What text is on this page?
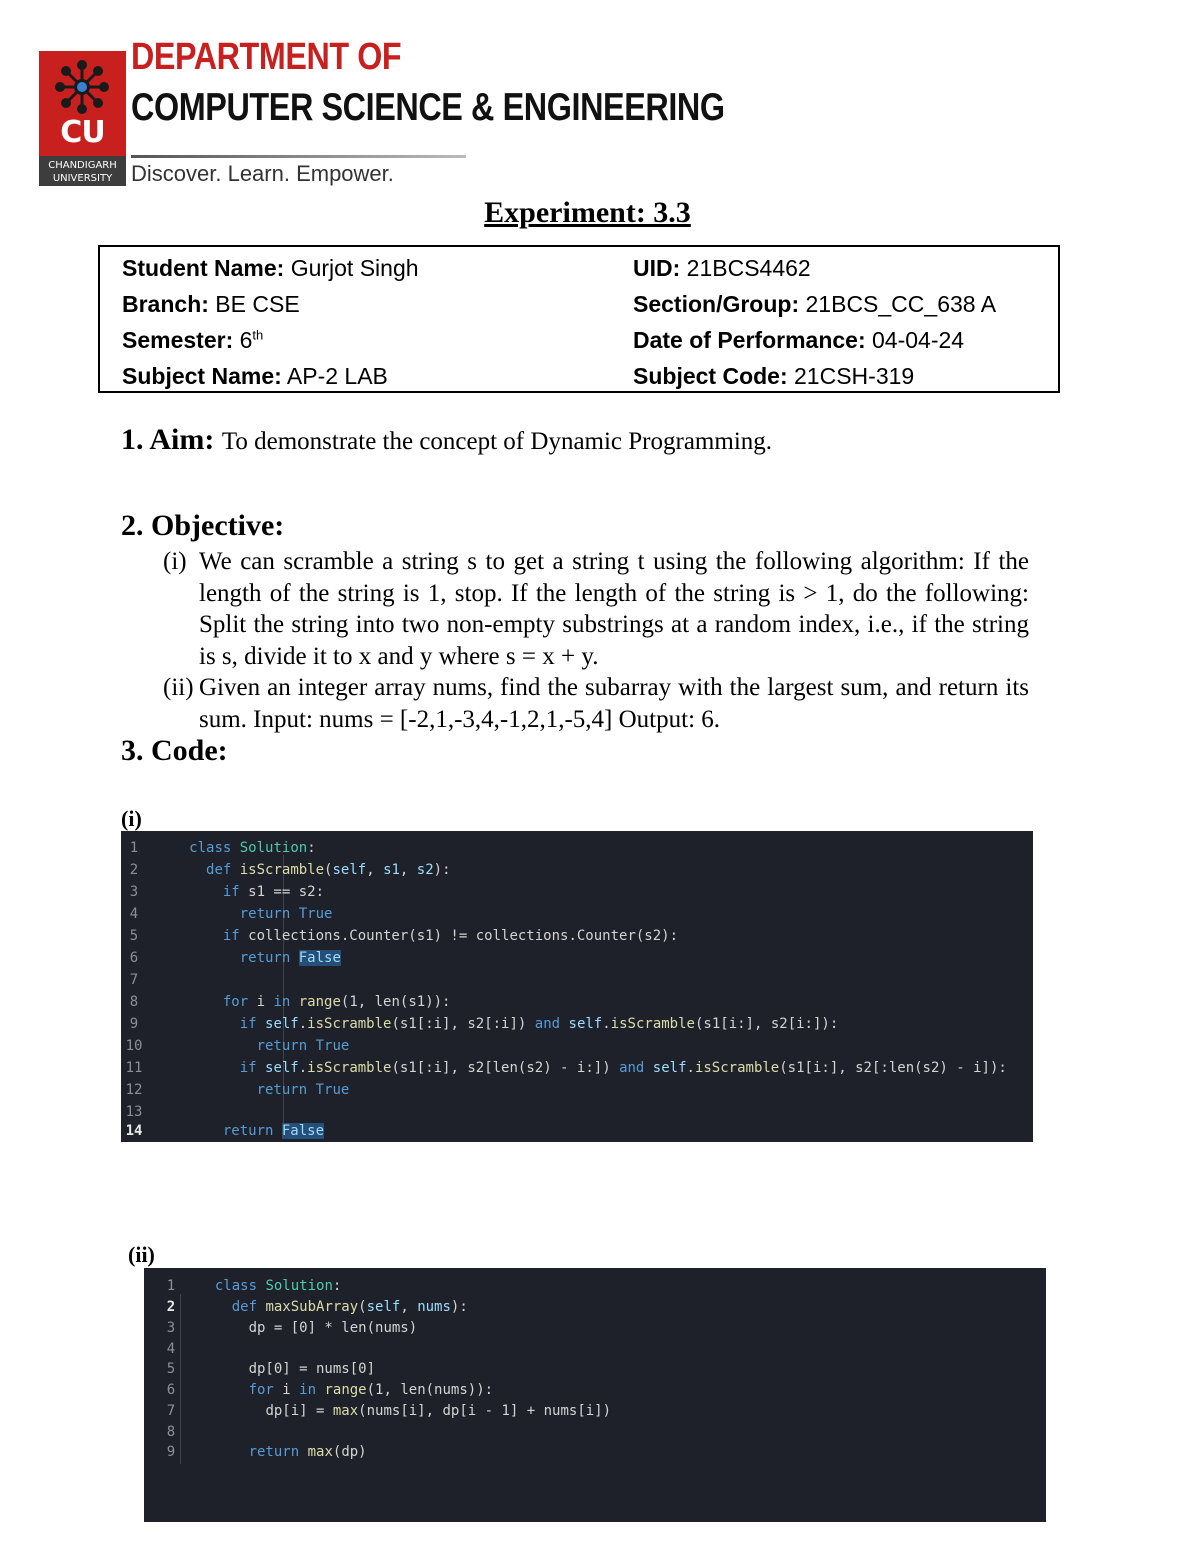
CU
CHANDIGARH
UNIVERSITY
DEPARTMENT OF
COMPUTER SCIENCE & ENGINEERING
Discover. Learn. Empower.
Experiment: 3.3
Student Name: Gurjot Singh	UID: 21BCS4462
Branch: BE CSE	Section/Group: 21BCS_CC_638 A
Semester: 6th	Date of Performance: 04-04-24
Subject Name: AP-2 LAB	Subject Code: 21CSH-319
1. Aim: To demonstrate the concept of Dynamic Programming.
2. Objective:
(i) We can scramble a string s to get a string t using the following algorithm: If the length of the string is 1, stop. If the length of the string is > 1, do the following: Split the string into two non-empty substrings at a random index, i.e., if the string is s, divide it to x and y where s = x + y.
(ii) Given an integer array nums, find the subarray with the largest sum, and return its sum. Input: nums = [-2,1,-3,4,-1,2,1,-5,4] Output: 6.
3. Code:
(i)
1	class Solution:
2	def isScramble(self, s1, s2):
3	if s1 == s2:
4	return True
5	if collections.Counter(s1) != collections.Counter(s2):
6	return False
7
8	for i in range(1, len(s1)):
9	if self.isScramble(s1[:i], s2[:i]) and self.isScramble(s1[i:], s2[i:]):
10	return True
11	if self.isScramble(s1[:i], s2[len(s2) - i:]) and self.isScramble(s1[i:], s2[:len(s2) - i]):
12	return True
13
14	return False
(ii)
1	class Solution:
2	def maxSubArray(self, nums):
3	dp = [0] * len(nums)
4
5	dp[0] = nums[0]
6	for i in range(1, len(nums)):
7	dp[i] = max(nums[i], dp[i - 1] + nums[i])
8
9	return max(dp)
